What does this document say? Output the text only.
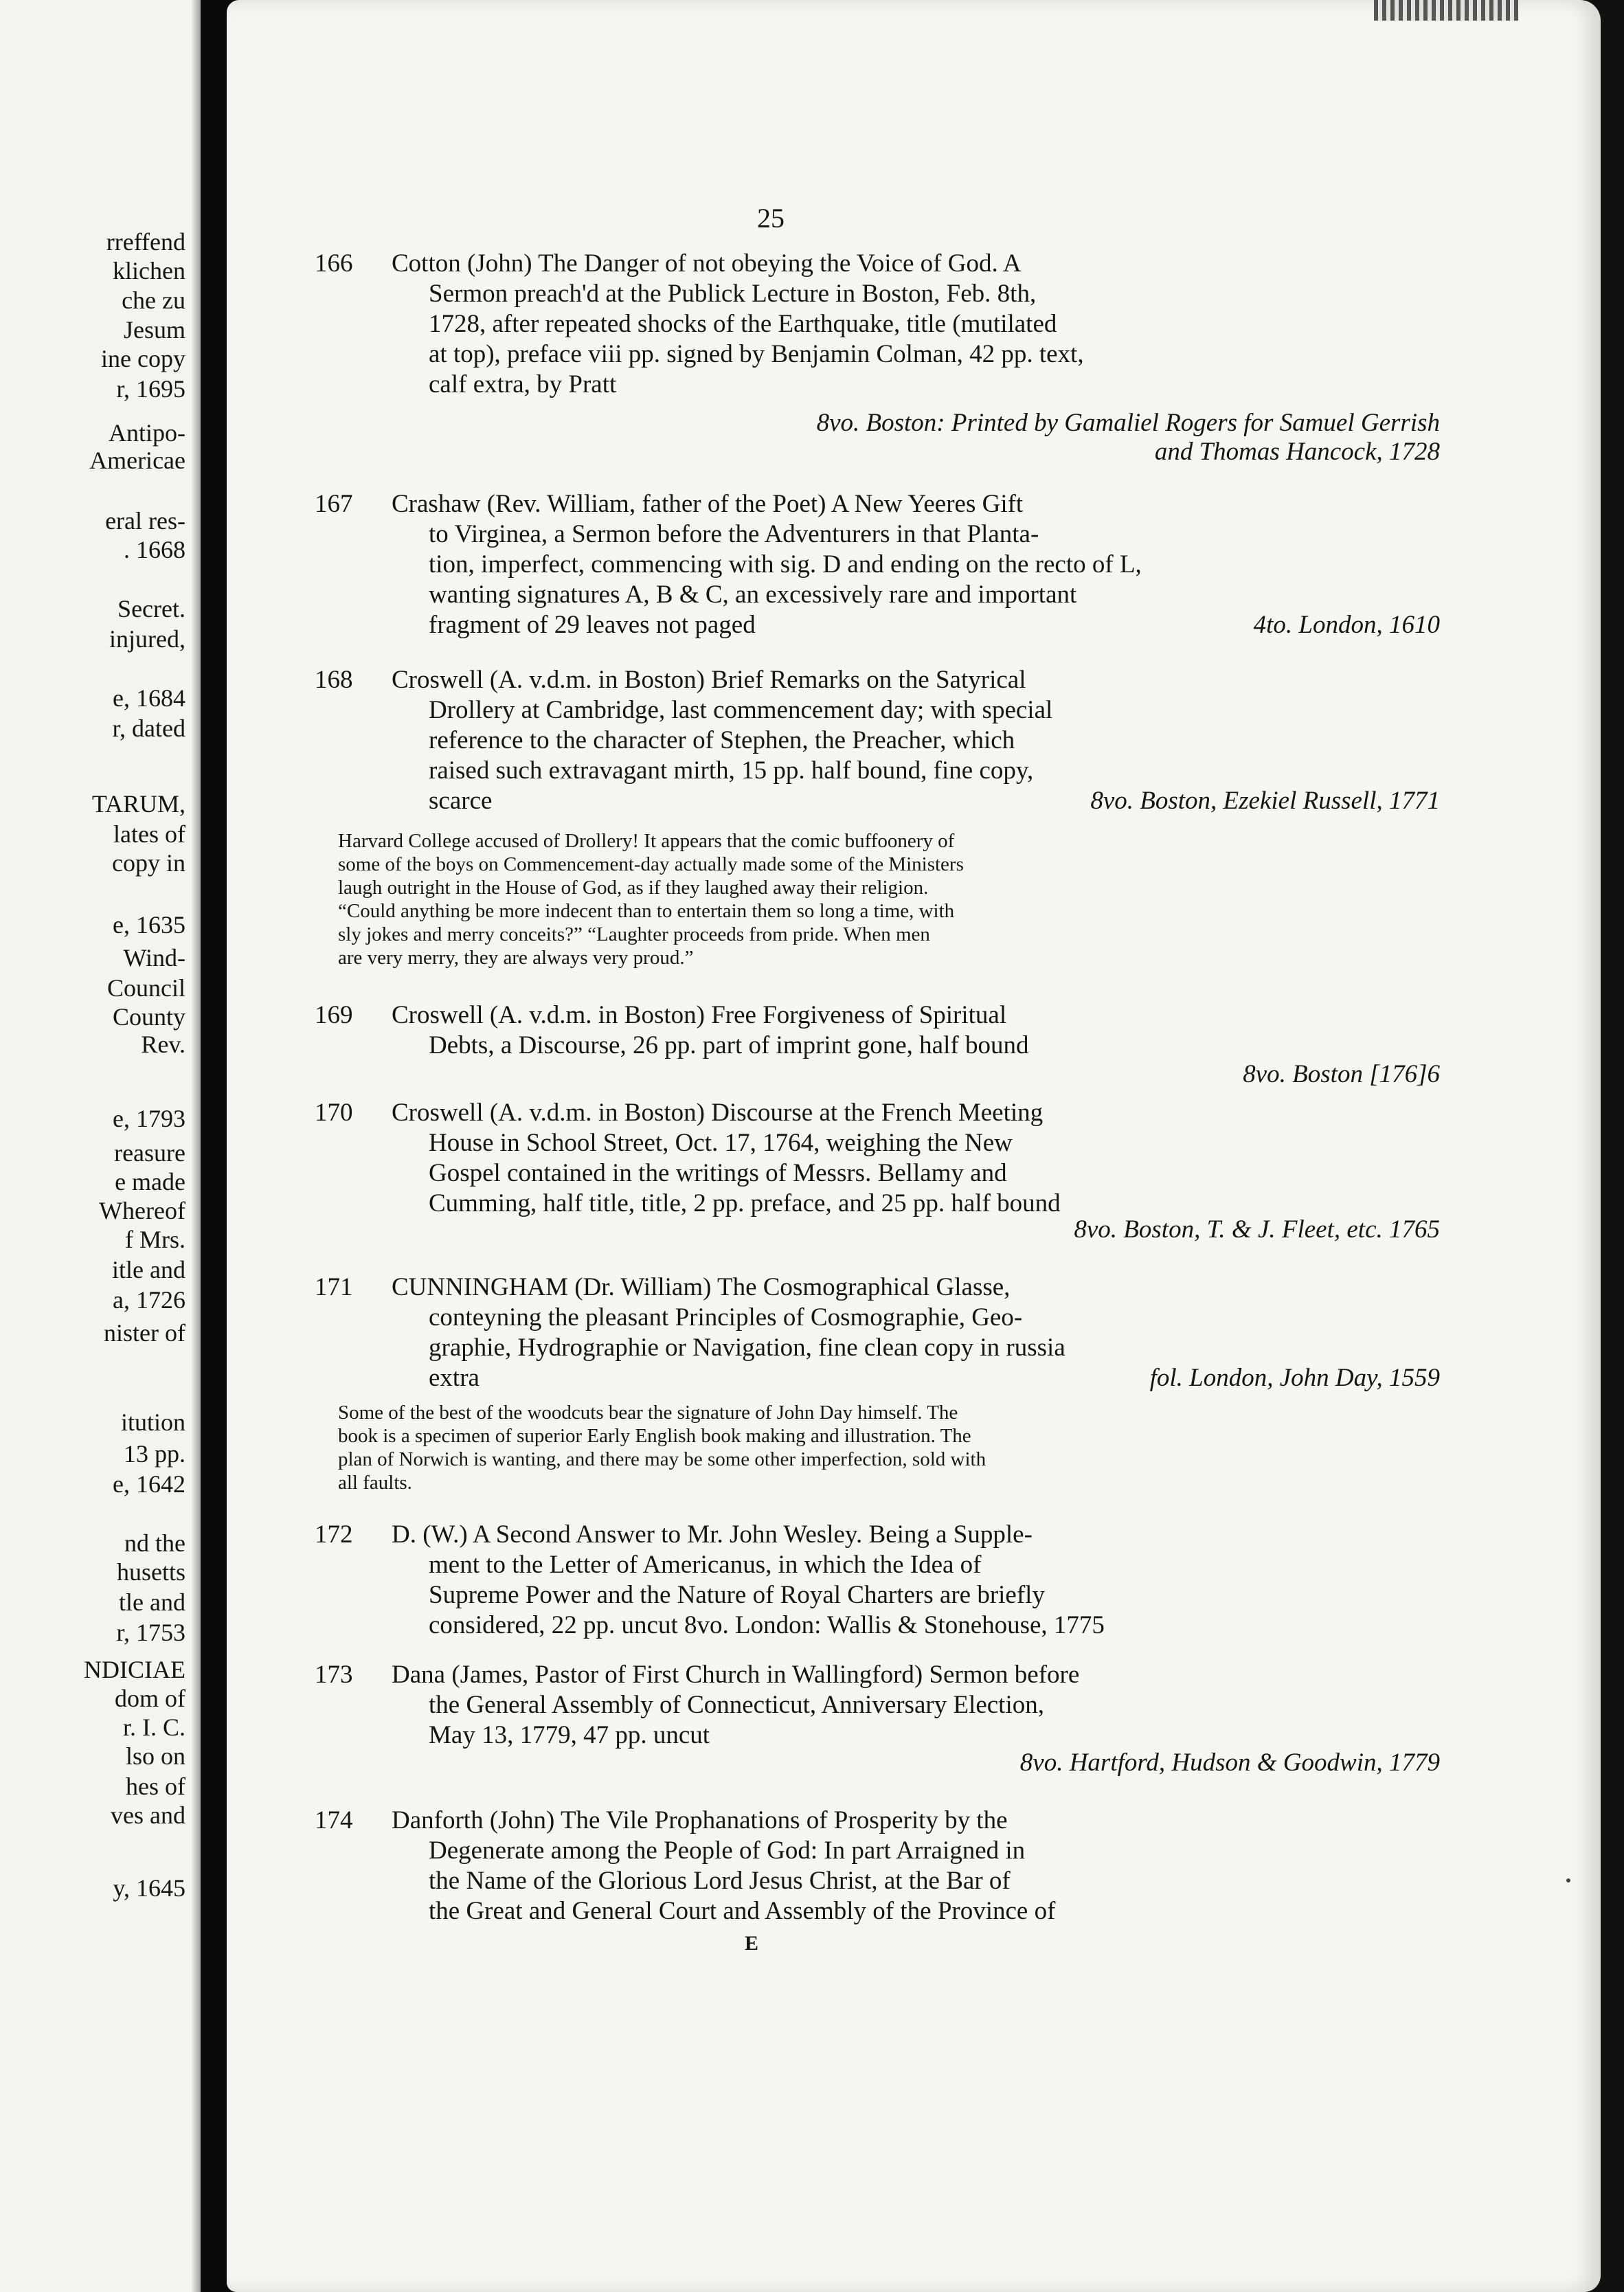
rreffend
klichen
che zu
Jesum
ine copy
r, 1695
Antipo-
Americae
eral res-
. 1668
Secret.
injured,
e, 1684
r, dated
TARUM,
lates of
copy in
e, 1635
Wind-
Council
County
Rev.
e, 1793
reasure
e made
Whereof
f Mrs.
itle and
a, 1726
nister of
itution
13 pp.
e, 1642
nd the
husetts
tle and
r, 1753
NDICIAE
dom of
r. I. C.
lso on
hes of
ves and
y, 1645
25
166 Cotton (John) The Danger of not obeying the Voice of God. A
Sermon preach'd at the Publick Lecture in Boston, Feb. 8th,
1728, after repeated shocks of the Earthquake, title (mutilated
at top), preface viii pp. signed by Benjamin Colman, 42 pp. text,
calf extra, by Pratt
8vo. Boston: Printed by Gamaliel Rogers for Samuel Gerrish
and Thomas Hancock, 1728
167 Crashaw (Rev. William, father of the Poet) A New Yeeres Gift
to Virginea, a Sermon before the Adventurers in that Planta-
tion, imperfect, commencing with sig. D and ending on the recto of L,
wanting signatures A, B & C, an excessively rare and important
fragment of 29 leaves not paged	4to. London, 1610
168 Croswell (A. v.d.m. in Boston) Brief Remarks on the Satyrical
Drollery at Cambridge, last commencement day; with special
reference to the character of Stephen, the Preacher, which
raised such extravagant mirth, 15 pp. half bound, fine copy,
scarce	8vo. Boston, Ezekiel Russell, 1771
Harvard College accused of Drollery! It appears that the comic buffoonery of
some of the boys on Commencement-day actually made some of the Ministers
laugh outright in the House of God, as if they laughed away their religion.
“Could anything be more indecent than to entertain them so long a time, with
sly jokes and merry conceits?” “Laughter proceeds from pride. When men
are very merry, they are always very proud.”
169 Croswell (A. v.d.m. in Boston) Free Forgiveness of Spiritual
Debts, a Discourse, 26 pp. part of imprint gone, half bound
8vo. Boston [176]6
170 Croswell (A. v.d.m. in Boston) Discourse at the French Meeting
House in School Street, Oct. 17, 1764, weighing the New
Gospel contained in the writings of Messrs. Bellamy and
Cumming, half title, title, 2 pp. preface, and 25 pp. half bound
8vo. Boston, T. & J. Fleet, etc. 1765
171 CUNNINGHAM (Dr. William) The Cosmographical Glasse,
conteyning the pleasant Principles of Cosmographie, Geo-
graphie, Hydrographie or Navigation, fine clean copy in russia
extra	fol. London, John Day, 1559
Some of the best of the woodcuts bear the signature of John Day himself. The
book is a specimen of superior Early English book making and illustration. The
plan of Norwich is wanting, and there may be some other imperfection, sold with
all faults.
172 D. (W.) A Second Answer to Mr. John Wesley. Being a Supple-
ment to the Letter of Americanus, in which the Idea of
Supreme Power and the Nature of Royal Charters are briefly
considered, 22 pp. uncut 8vo. London: Wallis & Stonehouse, 1775
173 Dana (James, Pastor of First Church in Wallingford) Sermon before
the General Assembly of Connecticut, Anniversary Election,
May 13, 1779, 47 pp. uncut
8vo. Hartford, Hudson & Goodwin, 1779
174 Danforth (John) The Vile Prophanations of Prosperity by the
Degenerate among the People of God: In part Arraigned in
the Name of the Glorious Lord Jesus Christ, at the Bar of
the Great and General Court and Assembly of the Province of
E
